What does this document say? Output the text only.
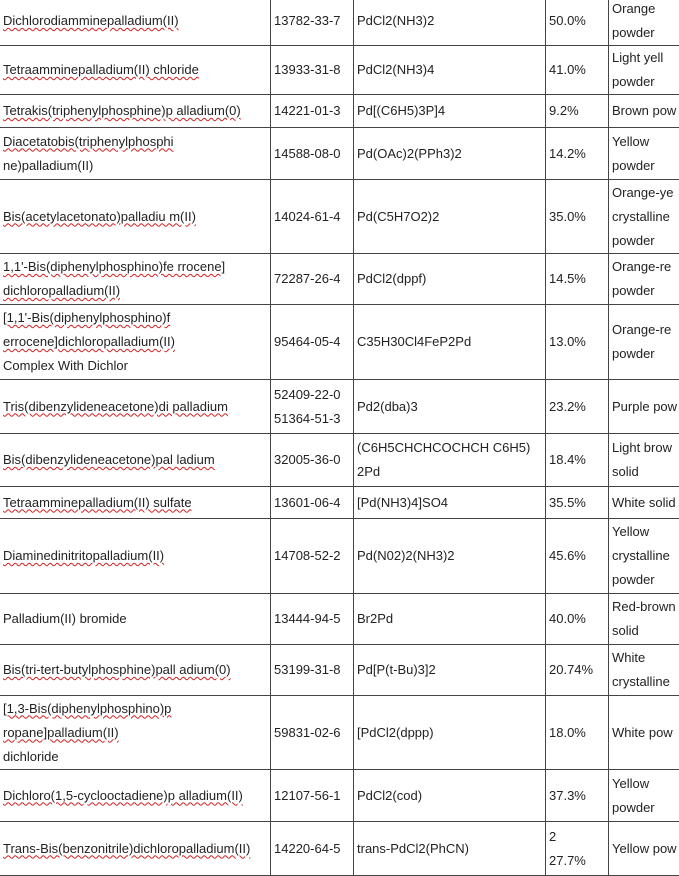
Dichlorodiamminepalladium(II)	13782-33-7	PdCl2(NH3)2	50.0%	Orange
powder

Tetraamminepalladium(II) chloride	13933-31-8	PdCl2(NH3)4	41.0%	Light yell
powder

Tetrakis(triphenylphosphine)p alladium(0)	14221-01-3	Pd[(C6H5)3P]4	9.2%	Brown pow

Diacetatobis(triphenylphosphi
ne)palladium(II)	14588-08-0	Pd(OAc)2(PPh3)2	14.2%	Yellow
powder

Bis(acetylacetonato)palladiu m(II)	14024-61-4	Pd(C5H7O2)2	35.0%	Orange-ye
crystalline
powder

1,1'-Bis(diphenylphosphino)fe rrocene]
dichloropalladium(II)	72287-26-4	PdCl2(dppf)	14.5%	Orange-re
powder

[1,1'-Bis(diphenylphosphino)f
errocene]dichloropalladium(II)
Complex With Dichlor	95464-05-4	C35H30Cl4FeP2Pd	13.0%	Orange-re
powder

Tris(dibenzylideneacetone)di palladium	52409-22-0
51364-51-3	Pd2(dba)3	23.2%	Purple pow

Bis(dibenzylideneacetone)pal ladium	32005-36-0	(C6H5CHCHCOCHCH C6H5)
2Pd	18.4%	Light brow
solid

Tetraamminepalladium(II) sulfate	13601-06-4	[Pd(NH3)4]SO4	35.5%	White solid

Diaminedinitritopalladium(II)	14708-52-2	Pd(N02)2(NH3)2	45.6%	Yellow
crystalline
powder

Palladium(II) bromide	13444-94-5	Br2Pd	40.0%	Red-brown
solid

Bis(tri-tert-butylphosphine)pall adium(0)	53199-31-8	Pd[P(t-Bu)3]2	20.74%	White
crystalline

[1,3-Bis(diphenylphosphino)p
ropane]palladium(II)
dichloride	59831-02-6	[PdCl2(dppp)	18.0%	White pow

Dichloro(1,5-cyclooctadiene)p alladium(II)	12107-56-1	PdCl2(cod)	37.3%	Yellow
powder

Trans-Bis(benzonitrile)dichloropalladium(II)	14220-64-5	trans-PdCl2(PhCN)	2
27.7%	Yellow pow
